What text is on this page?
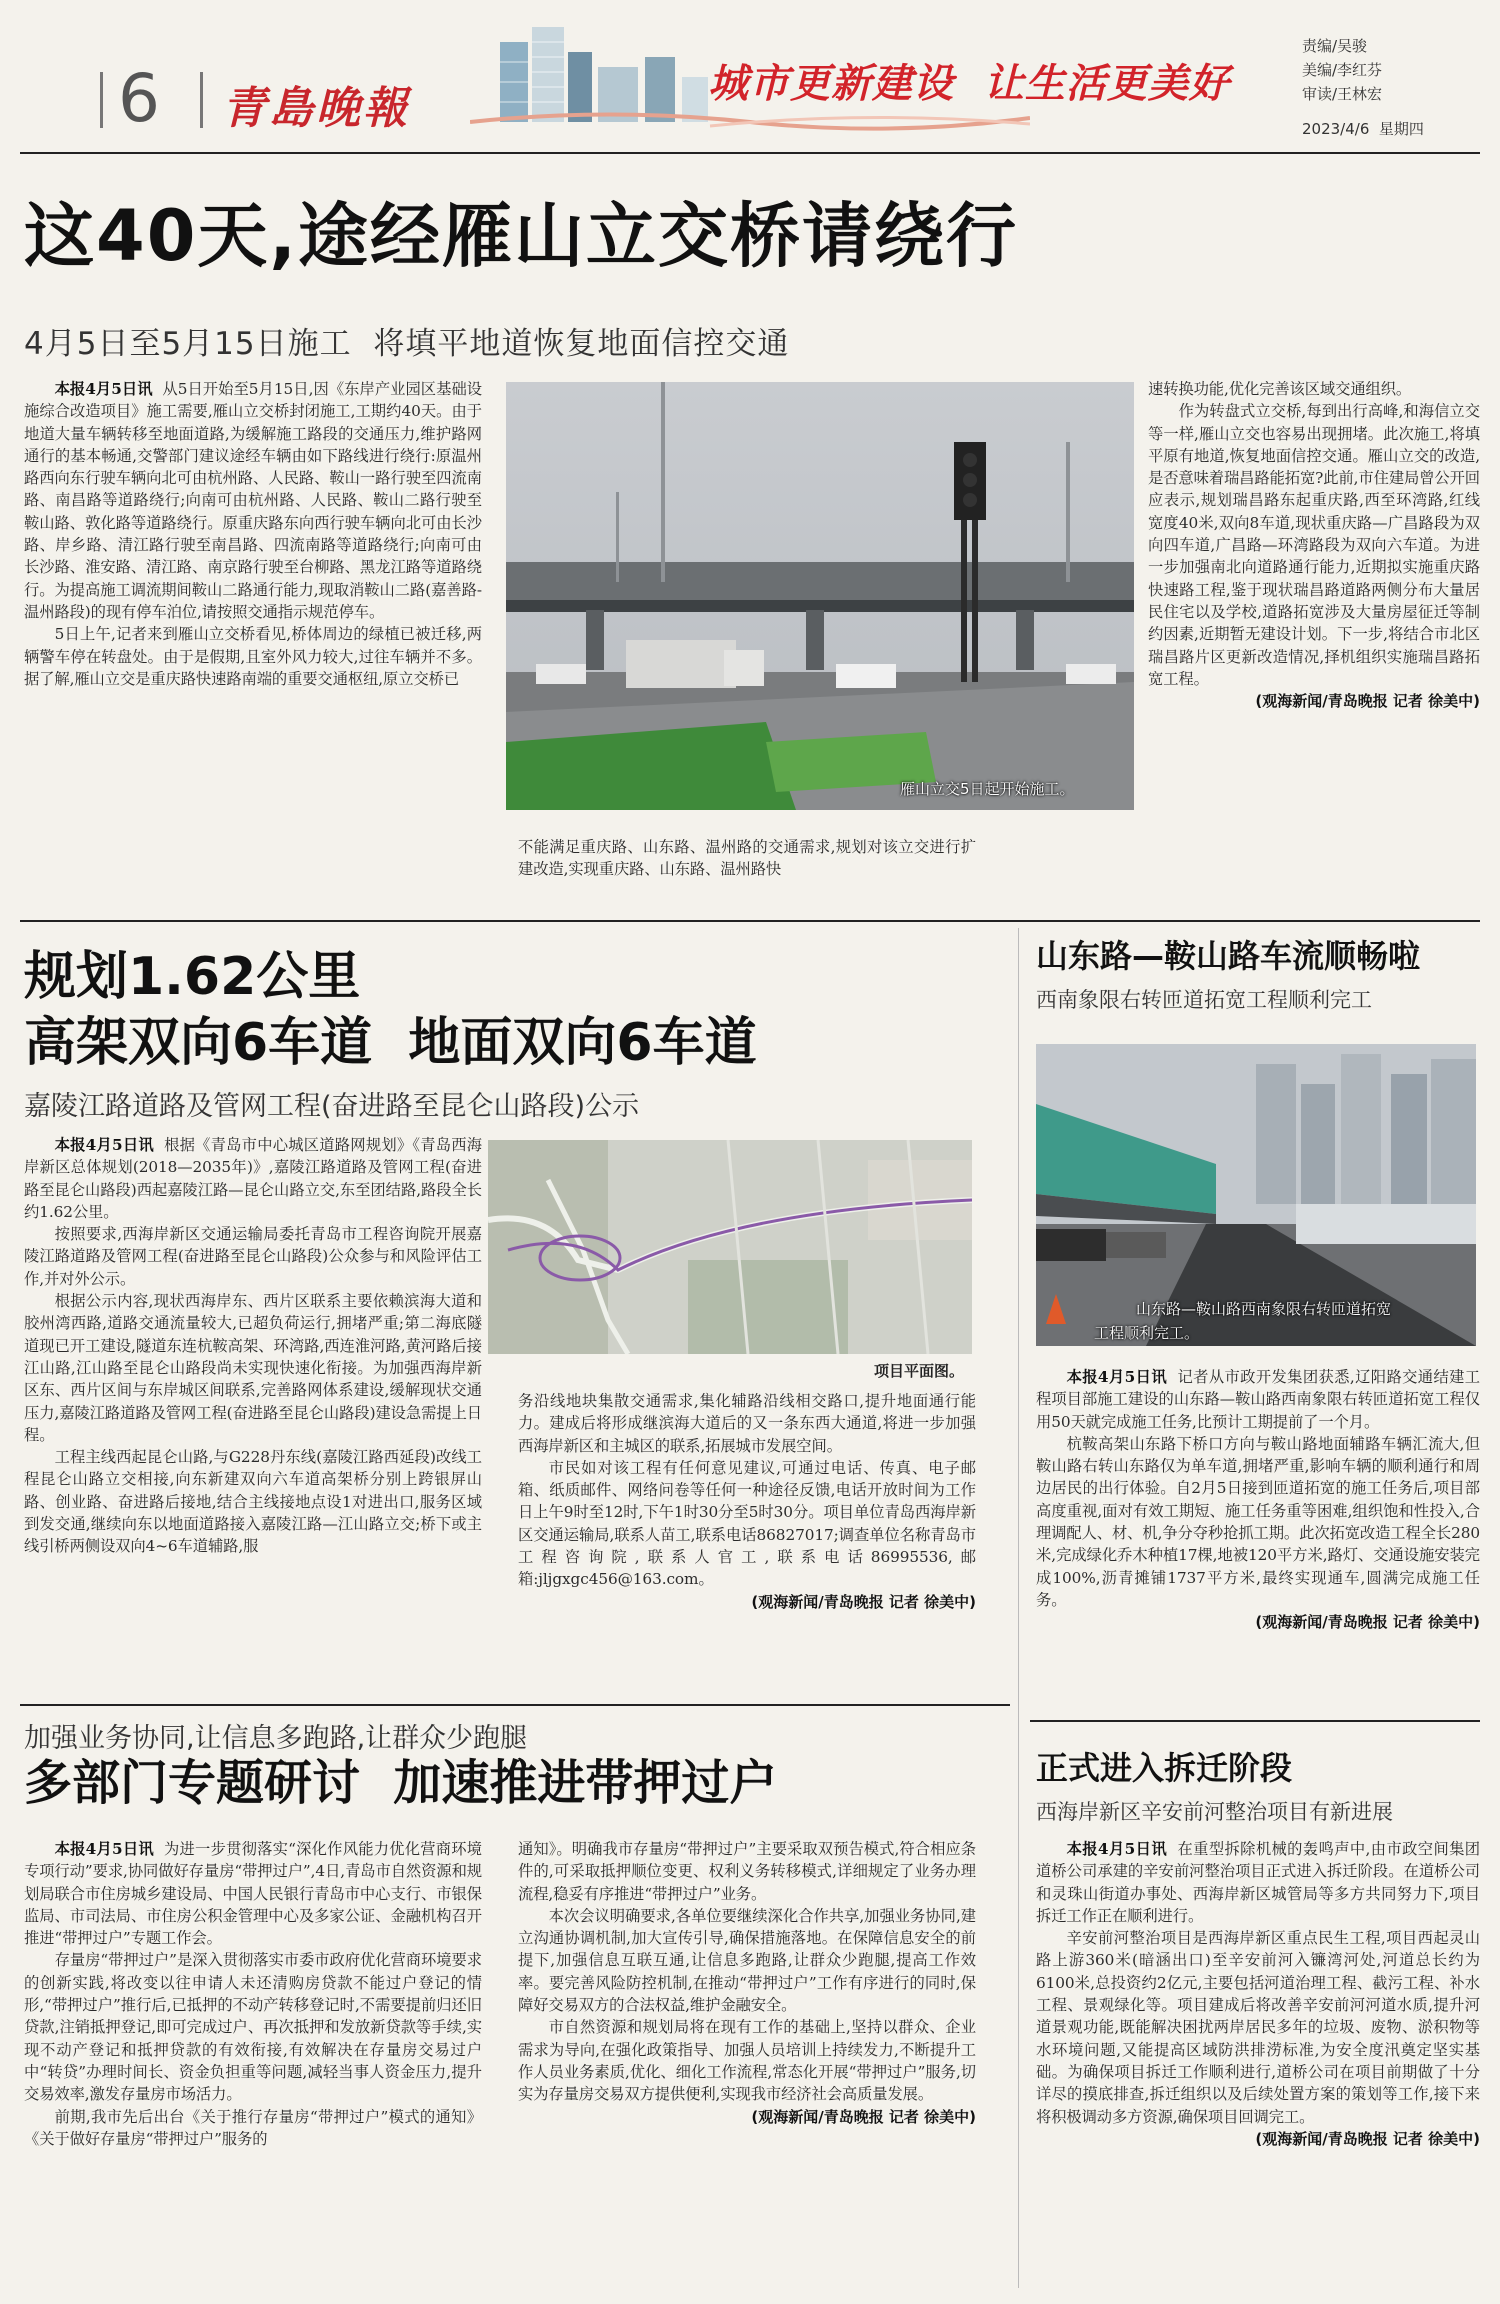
6 青島晚報	城市更新建设  让生活更美好
责编/吴骏
美编/李红芬
审读/王林宏
2023/4/6  星期四
这40天,途经雁山立交桥请绕行
4月5日至5月15日施工  将填平地道恢复地面信控交通

本报4月5日讯 从5日开始至5月15日,因《东岸产业园区基础设施综合改造项目》施工需要,雁山立交桥封闭施工,工期约40天。由于地道大量车辆转移至地面道路,为缓解施工路段的交通压力,维护路网通行的基本畅通,交警部门建议途经车辆由如下路线进行绕行:原温州路西向东行驶车辆向北可由杭州路、人民路、鞍山一路行驶至四流南路、南昌路等道路绕行;向南可由杭州路、人民路、鞍山二路行驶至鞍山路、敦化路等道路绕行。原重庆路东向西行驶车辆向北可由长沙路、岸乡路、清江路行驶至南昌路、四流南路等道路绕行;向南可由长沙路、淮安路、清江路、南京路行驶至台柳路、黑龙江路等道路绕行。为提高施工调流期间鞍山二路通行能力,现取消鞍山二路(嘉善路-温州路段)的现有停车泊位,请按照交通指示规范停车。

5日上午,记者来到雁山立交桥看见,桥体周边的绿植已被迁移,两辆警车停在转盘处。由于是假期,且室外风力较大,过往车辆并不多。据了解,雁山立交是重庆路快速路南端的重要交通枢纽,原立交桥已

雁山立交5日起开始施工。

不能满足重庆路、山东路、温州路的交通需求,规划对该立交进行扩建改造,实现重庆路、山东路、温州路快

速转换功能,优化完善该区域交通组织。

作为转盘式立交桥,每到出行高峰,和海信立交等一样,雁山立交也容易出现拥堵。此次施工,将填平原有地道,恢复地面信控交通。雁山立交的改造,是否意味着瑞昌路能拓宽?此前,市住建局曾公开回应表示,规划瑞昌路东起重庆路,西至环湾路,红线宽度40米,双向8车道,现状重庆路—广昌路段为双向四车道,广昌路—环湾路段为双向六车道。为进一步加强南北向道路通行能力,近期拟实施重庆路快速路工程,鉴于现状瑞昌路道路两侧分布大量居民住宅以及学校,道路拓宽涉及大量房屋征迁等制约因素,近期暂无建设计划。下一步,将结合市北区瑞昌路片区更新改造情况,择机组织实施瑞昌路拓宽工程。

(观海新闻/青岛晚报 记者 徐美中)

规划1.62公里
高架双向6车道  地面双向6车道
嘉陵江路道路及管网工程(奋进路至昆仑山路段)公示

本报4月5日讯 根据《青岛市中心城区道路网规划》《青岛西海岸新区总体规划(2018—2035年)》,嘉陵江路道路及管网工程(奋进路至昆仑山路段)西起嘉陵江路—昆仑山路立交,东至团结路,路段全长约1.62公里。

按照要求,西海岸新区交通运输局委托青岛市工程咨询院开展嘉陵江路道路及管网工程(奋进路至昆仑山路段)公众参与和风险评估工作,并对外公示。

根据公示内容,现状西海岸东、西片区联系主要依赖滨海大道和胶州湾西路,道路交通流量较大,已超负荷运行,拥堵严重;第二海底隧道现已开工建设,隧道东连杭鞍高架、环湾路,西连淮河路,黄河路后接江山路,江山路至昆仑山路段尚未实现快速化衔接。为加强西海岸新区东、西片区间与东岸城区间联系,完善路网体系建设,缓解现状交通压力,嘉陵江路道路及管网工程(奋进路至昆仑山路段)建设急需提上日程。

工程主线西起昆仑山路,与G228丹东线(嘉陵江路西延段)改线工程昆仑山路立交相接,向东新建双向六车道高架桥分别上跨银屏山路、创业路、奋进路后接地,结合主线接地点设1对进出口,服务区域到发交通,继续向东以地面道路接入嘉陵江路—江山路立交;桥下或主线引桥两侧设双向4~6车道辅路,服

项目平面图。

务沿线地块集散交通需求,集化辅路沿线相交路口,提升地面通行能力。建成后将形成继滨海大道后的又一条东西大通道,将进一步加强西海岸新区和主城区的联系,拓展城市发展空间。

市民如对该工程有任何意见建议,可通过电话、传真、电子邮箱、纸质邮件、网络问卷等任何一种途径反馈,电话开放时间为工作日上午9时至12时,下午1时30分至5时30分。项目单位青岛西海岸新区交通运输局,联系人苗工,联系电话86827017;调查单位名称青岛市工程咨询院,联系人官工,联系电话86995536,邮箱:jljgxgc456@163.com。

(观海新闻/青岛晚报 记者 徐美中)

山东路—鞍山路车流顺畅啦
西南象限右转匝道拓宽工程顺利完工
山东路—鞍山路西南象限右转匝道拓宽
工程顺利完工。

本报4月5日讯 记者从市政开发集团获悉,辽阳路交通结建工程项目部施工建设的山东路—鞍山路西南象限右转匝道拓宽工程仅用50天就完成施工任务,比预计工期提前了一个月。

杭鞍高架山东路下桥口方向与鞍山路地面辅路车辆汇流大,但鞍山路右转山东路仅为单车道,拥堵严重,影响车辆的顺利通行和周边居民的出行体验。自2月5日接到匝道拓宽的施工任务后,项目部高度重视,面对有效工期短、施工任务重等困难,组织饱和性投入,合理调配人、材、机,争分夺秒抢抓工期。此次拓宽改造工程全长280米,完成绿化乔木种植17棵,地被120平方米,路灯、交通设施安装完成100%,沥青摊铺1737平方米,最终实现通车,圆满完成施工任务。

(观海新闻/青岛晚报 记者 徐美中)

加强业务协同,让信息多跑路,让群众少跑腿
多部门专题研讨  加速推进带押过户

本报4月5日讯 为进一步贯彻落实“深化作风能力优化营商环境专项行动”要求,协同做好存量房“带押过户”,4日,青岛市自然资源和规划局联合市住房城乡建设局、中国人民银行青岛市中心支行、市银保监局、市司法局、市住房公积金管理中心及多家公证、金融机构召开推进“带押过户”专题工作会。

存量房“带押过户”是深入贯彻落实市委市政府优化营商环境要求的创新实践,将改变以往申请人未还清购房贷款不能过户登记的情形,“带押过户”推行后,已抵押的不动产转移登记时,不需要提前归还旧贷款,注销抵押登记,即可完成过户、再次抵押和发放新贷款等手续,实现不动产登记和抵押贷款的有效衔接,有效解决在存量房交易过户中“转贷”办理时间长、资金负担重等问题,减轻当事人资金压力,提升交易效率,激发存量房市场活力。

前期,我市先后出台《关于推行存量房“带押过户”模式的通知》《关于做好存量房“带押过户”服务的

通知》。明确我市存量房“带押过户”主要采取双预告模式,符合相应条件的,可采取抵押顺位变更、权利义务转移模式,详细规定了业务办理流程,稳妥有序推进“带押过户”业务。

本次会议明确要求,各单位要继续深化合作共享,加强业务协同,建立沟通协调机制,加大宣传引导,确保措施落地。在保障信息安全的前提下,加强信息互联互通,让信息多跑路,让群众少跑腿,提高工作效率。要完善风险防控机制,在推动“带押过户”工作有序进行的同时,保障好交易双方的合法权益,维护金融安全。

市自然资源和规划局将在现有工作的基础上,坚持以群众、企业需求为导向,在强化政策指导、加强人员培训上持续发力,不断提升工作人员业务素质,优化、细化工作流程,常态化开展“带押过户”服务,切实为存量房交易双方提供便利,实现我市经济社会高质量发展。

(观海新闻/青岛晚报 记者 徐美中)

正式进入拆迁阶段
西海岸新区辛安前河整治项目有新进展

本报4月5日讯 在重型拆除机械的轰鸣声中,由市政空间集团道桥公司承建的辛安前河整治项目正式进入拆迁阶段。在道桥公司和灵珠山街道办事处、西海岸新区城管局等多方共同努力下,项目拆迁工作正在顺利进行。

辛安前河整治项目是西海岸新区重点民生工程,项目西起灵山路上游360米(暗涵出口)至辛安前河入镰湾河处,河道总长约为6100米,总投资约2亿元,主要包括河道治理工程、截污工程、补水工程、景观绿化等。项目建成后将改善辛安前河河道水质,提升河道景观功能,既能解决困扰两岸居民多年的垃圾、废物、淤积物等水环境问题,又能提高区域防洪排涝标准,为安全度汛奠定坚实基础。为确保项目拆迁工作顺利进行,道桥公司在项目前期做了十分详尽的摸底排查,拆迁组织以及后续处置方案的策划等工作,接下来将积极调动多方资源,确保项目回调完工。

(观海新闻/青岛晚报 记者 徐美中)
